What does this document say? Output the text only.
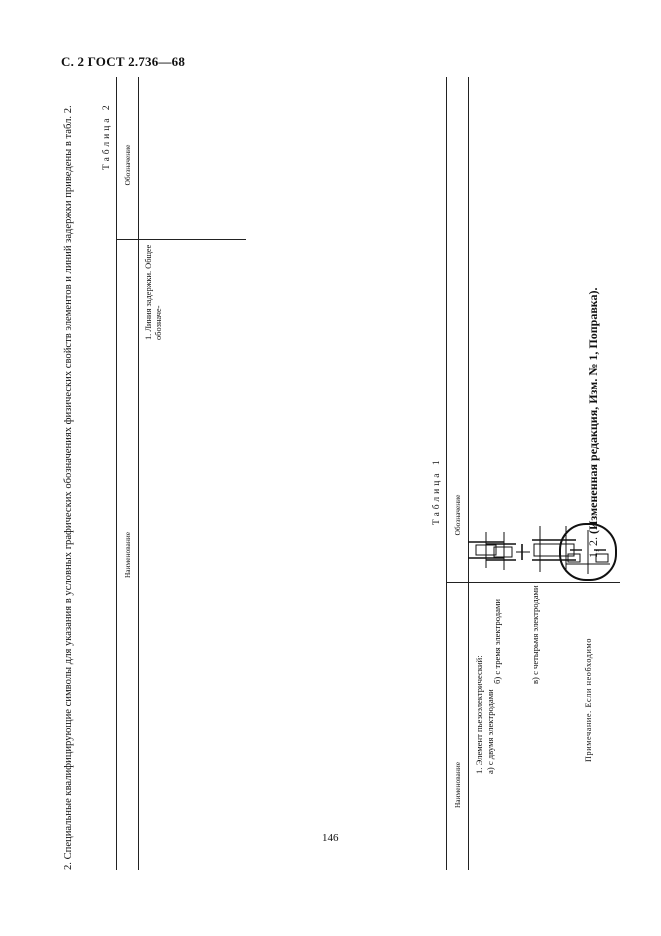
С. 2 ГОСТ 2.736—68
Таблица 1
Наименование
Обозначение
1. Элемент пьезоэлектрический: а) с двумя электродами
б) с тремя электродами	в) с четырьмя электродами
Примечание. Если необходимо
2. Специальные квалифицирующие символы для указания в условных графических обозначениях физических свойств элементов и линий задержки приведены в табл. 2.	Таблица 2
Наименование
Обозначение
1. Линия задержки. Общее обозначе-
1, 2. (Измененная редакция, Изм. № 1, Поправка).
146
